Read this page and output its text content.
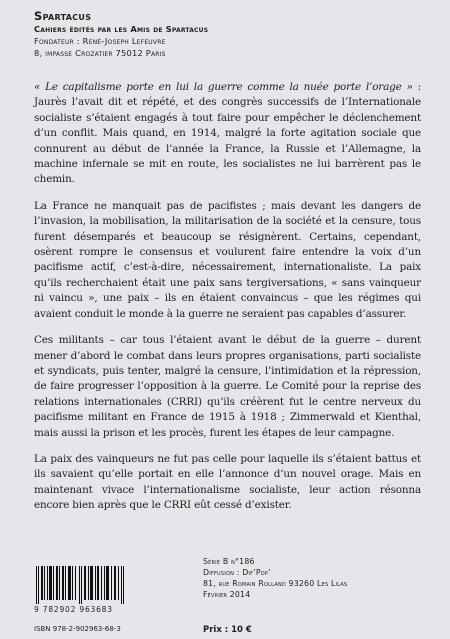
Spartacus
Cahiers édités par les Amis de Spartacus
Fondateur : René-Joseph Lefeuvre
8, impasse Crozatier 75012 Paris

« Le capitalisme porte en lui la guerre comme la nuée porte l’orage » : Jaurès l’avait dit et répété, et des congrès successifs de l’Internationale socialiste s’étaient engagés à tout faire pour empêcher le déclenchement d’un conflit. Mais quand, en 1914, malgré la forte agitation sociale que connurent au début de l’année la France, la Russie et l’Allemagne, la machine infernale se mit en route, les socialistes ne lui barrèrent pas le chemin.

La France ne manquait pas de pacifistes ; mais devant les dangers de l’invasion, la mobilisation, la militarisation de la société et la censure, tous furent désemparés et beaucoup se résignèrent. Certains, cependant, osèrent rompre le consensus et voulurent faire entendre la voix d’un pacifisme actif, c’est-à-dire, nécessairement, internationaliste. La paix qu’ils recherchaient était une paix sans tergiversations, « sans vainqueur ni vaincu », une paix – ils en étaient convaincus – que les régimes qui avaient conduit le monde à la guerre ne seraient pas capables d’assurer.

Ces militants – car tous l’étaient avant le début de la guerre – durent mener d’abord le combat dans leurs propres organisations, parti socialiste et syndicats, puis tenter, malgré la censure, l’intimidation et la répression, de faire progresser l’opposition à la guerre. Le Comité pour la reprise des relations internationales (CRRI) qu’ils créèrent fut le centre nerveux du pacifisme militant en France de 1915 à 1918 ; Zimmerwald et Kienthal, mais aussi la prison et les procès, furent les étapes de leur campagne.

La paix des vainqueurs ne fut pas celle pour laquelle ils s’étaient battus et ils savaient qu’elle portait en elle l’annonce d’un nouvel orage. Mais en maintenant vivace l’internationalisme socialiste, leur action résonna encore bien après que le CRRI eût cessé d’exister.

9 782902 963683
ISBN 978-2-902963-68-3
Série B n°186
Diffusion : Dif’Pop’
81, rue Romain Rolland 93260 Les Lilas
Février 2014
Prix : 10 €
